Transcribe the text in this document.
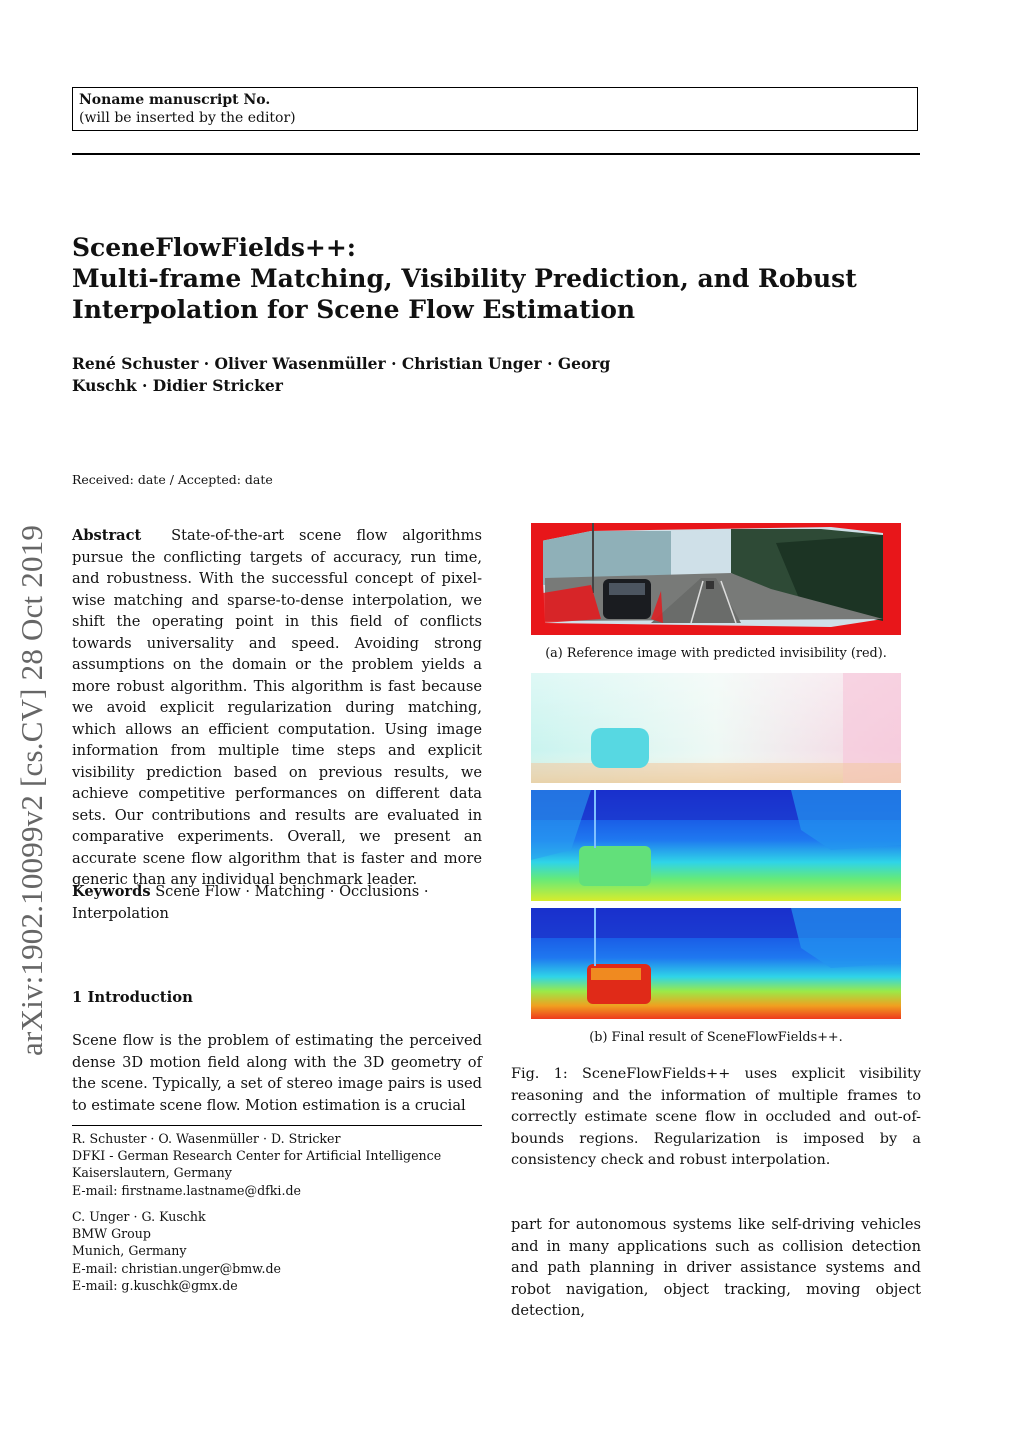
Noname manuscript No.
(will be inserted by the editor)
arXiv:1902.10099v2 [cs.CV] 28 Oct 2019
SceneFlowFields++:
Multi-frame Matching, Visibility Prediction, and Robust
Interpolation for Scene Flow Estimation
René Schuster · Oliver Wasenmüller · Christian Unger · Georg
Kuschk · Didier Stricker
Received: date / Accepted: date
Abstract State-of-the-art scene flow algorithms pursue the conflicting targets of accuracy, run time, and robustness. With the successful concept of pixel-wise matching and sparse-to-dense interpolation, we shift the operating point in this field of conflicts towards universality and speed. Avoiding strong assumptions on the domain or the problem yields a more robust algorithm. This algorithm is fast because we avoid explicit regularization during matching, which allows an efficient computation. Using image information from multiple time steps and explicit visibility prediction based on previous results, we achieve competitive performances on different data sets. Our contributions and results are evaluated in comparative experiments. Overall, we present an accurate scene flow algorithm that is faster and more generic than any individual benchmark leader.
Keywords Scene Flow · Matching · Occlusions · Interpolation
1 Introduction
Scene flow is the problem of estimating the perceived dense 3D motion field along with the 3D geometry of the scene. Typically, a set of stereo image pairs is used to estimate scene flow. Motion estimation is a crucial
R. Schuster · O. Wasenmüller · D. Stricker
DFKI - German Research Center for Artificial Intelligence
Kaiserslautern, Germany
E-mail: firstname.lastname@dfki.de
C. Unger · G. Kuschk
BMW Group
Munich, Germany
E-mail: christian.unger@bmw.de
E-mail: g.kuschk@gmx.de
(a) Reference image with predicted invisibility (red).
(b) Final result of SceneFlowFields++.
Fig. 1: SceneFlowFields++ uses explicit visibility reasoning and the information of multiple frames to correctly estimate scene flow in occluded and out-of-bounds regions. Regularization is imposed by a consistency check and robust interpolation.
part for autonomous systems like self-driving vehicles and in many applications such as collision detection and path planning in driver assistance systems and robot navigation, object tracking, moving object detection,
